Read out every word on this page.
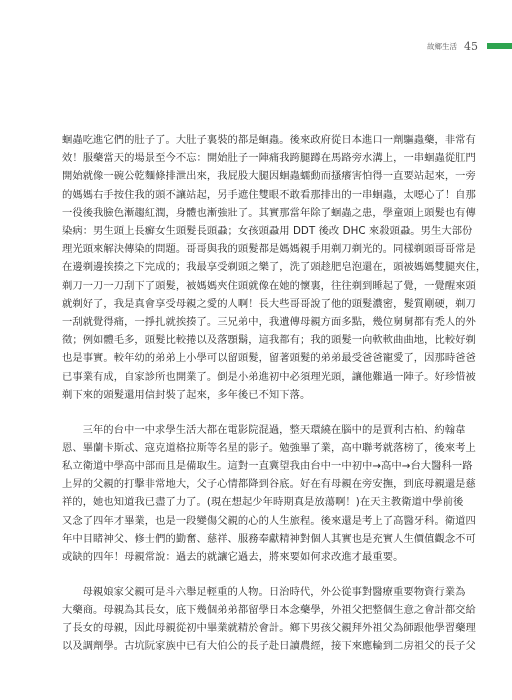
故鄉生活 45
蛔蟲吃進它們的肚子了。大肚子裏裝的都是蛔蟲。後來政府從日本進口一劑驅蟲藥，非常有
效！服藥當天的場景至今不忘：開始肚子一陣痛我跨腿蹲在馬路旁水溝上，一串蛔蟲從肛門
開始就像一碗公乾麵條排泄出來，我屁股大腿因蛔蟲蠕動而搔癢害怕得一直要站起來，一旁
的媽媽右手按住我的頭不讓站起，另手遮住雙眼不敢看那排出的一串蛔蟲，太噁心了！自那
一役後我臉色漸趨紅潤，身體也漸強壯了。其實那當年除了蛔蟲之患，學童頭上頭髮也有傳
染病：男生頭上長癬女生頭髮長頭蝨；女孩頭蝨用 DDT 後改 DHC 來殺頭蝨。男生大部份
理光頭來解決傳染的問題。哥哥與我的頭髮都是媽媽親手用剃刀剃光的。同樣剃頭哥哥常是
在邊剃邊挨揍之下完成的；我最享受剃頭之樂了，洗了頭趁肥皂泡還在，頭被媽媽雙腿夾住，
剃刀一刀一刀刮下了頭髮，被媽媽夾住頭就像在她的懷裏，往往剃到睡起了覺，一覺醒來頭
就剃好了，我是真會享受母親之愛的人啊！長大些哥哥說了他的頭髮濃密，髮質剛硬，剃刀
一刮就覺得痛，一掙扎就挨揍了。三兄弟中，我遺傳母親方面多點，幾位舅舅都有禿人的外
徵；例如體毛多，頭髮比較捲以及落顋鬍，這我都有；我的頭髮一向軟軟曲曲地，比較好剃
也是事實。較年幼的弟弟上小學可以留頭髮，留著頭髮的弟弟最受爸爸寵愛了，因那時爸爸
已事業有成，自家診所也開業了。倒是小弟進初中必須理光頭，讓他難過一陣子。好珍惜被
剃下來的頭髮還用信封裝了起來，多年後已不知下落。
三年的台中一中求學生活大都在電影院混過，整天環繞在腦中的是賈利古柏、約翰韋
恩、畢蘭卡斯忒、寇克道格拉斯等名星的影子。勉強畢了業，高中聯考就落榜了，後來考上
私立衛道中學高中部而且是備取生。這對一直冀望我由台中一中初中→高中→台大醫科一路
上昇的父親的打擊非常地大，父子心情都降到谷底。好在有母親在旁安撫，到底母親還是慈
祥的，她也知道我已盡了力了。(現在想起少年時期真是放蕩啊！)在天主教衛道中學前後
又念了四年才畢業，也是一段變傷父親的心的人生旅程。後來還是考上了高醫牙科。衛道四
年中目睹神父、修士們的勤奮、慈祥、服務奉獻精神對個人其實也是充實人生價值觀念不可
或缺的四年！母親常說：過去的就讓它過去，將來要如何求改進才最重要。
母親娘家父親可是斗六舉足輕重的人物。日治時代，外公從事對醫療重要物資行業為
大藥商。母親為其長女，底下幾個弟弟都留學日本念藥學，外祖父把整個生意之會計都交給
了長女的母親，因此母親從初中畢業就精於會計。鄉下男孩父親拜外祖父為師跟他學習藥理
以及調劑學。古坑阮家族中已有大伯公的長子赴日讀農經，接下來應輪到二房祖父的長子父
